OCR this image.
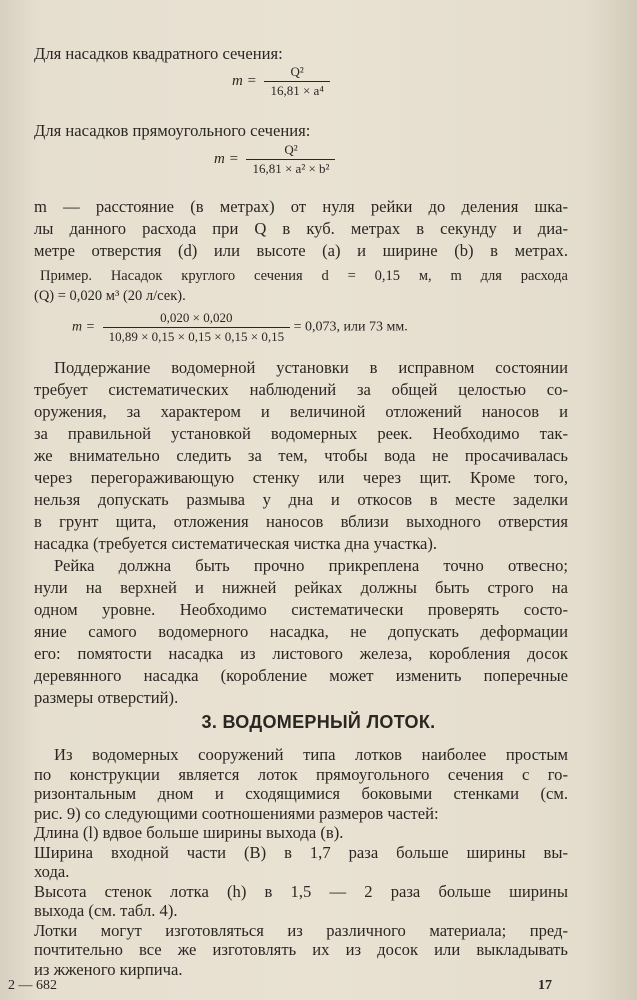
Для насадков квадратного сечения:
$m = \frac{\text{Q²}}{\text{16,81 × a⁴}}$
Для насадков прямоугольного сечения:
$m = \frac{\text{Q²}}{\text{16,81 × a² × b²}}$
m — расстояние (в метрах) от нуля рейки до деления шка-
лы данного расхода при Q в куб. метрах в секунду и диа-
метре отверстия (d) или высоте (a) и ширине (b) в метрах.
Пример. Насадок круглого сечения d = 0,15 м, m для расхода
(Q) = 0,020 м³ (20 л/сек).
$m = \frac{0,020 \times 0,020}{10,89 \times 0,15 \times 0,15 \times 0,15 \times 0,15} = 0,073$, или 73 мм.
Поддержание водомерной установки в исправном состоянии
требует систематических наблюдений за общей целостью со-
оружения, за характером и величиной отложений наносов и
за правильной установкой водомерных реек. Необходимо так-
же внимательно следить за тем, чтобы вода не просачивалась
через перегораживающую стенку или через щит. Кроме того,
нельзя допускать размыва у дна и откосов в месте заделки
в грунт щита, отложения наносов вблизи выходного отверстия
насадка (требуется систематическая чистка дна участка).
Рейка должна быть прочно прикреплена точно отвесно;
нули на верхней и нижней рейках должны быть строго на
одном уровне. Необходимо систематически проверять состо-
яние самого водомерного насадка, не допускать деформации
его: помятости насадка из листового железа, коробления досок
деревянного насадка (коробление может изменить поперечные
размеры отверстий).
3. ВОДОМЕРНЫЙ ЛОТОК.
Из водомерных сооружений типа лотков наиболее простым
по конструкции является лоток прямоугольного сечения с го-
ризонтальным дном и сходящимися боковыми стенками (см.
рис. 9) со следующими соотношениями размеров частей:
Длина (l) вдвое больше ширины выхода (в).
Ширина входной части (B) в 1,7 раза больше ширины вы-
хода.
Высота стенок лотка (h) в 1,5 — 2 раза больше ширины
выхода (см. табл. 4).
Лотки могут изготовляться из различного материала; пред-
почтительно все же изготовлять их из досок или выкладывать
из жженого кирпича.
2 — 682	17
